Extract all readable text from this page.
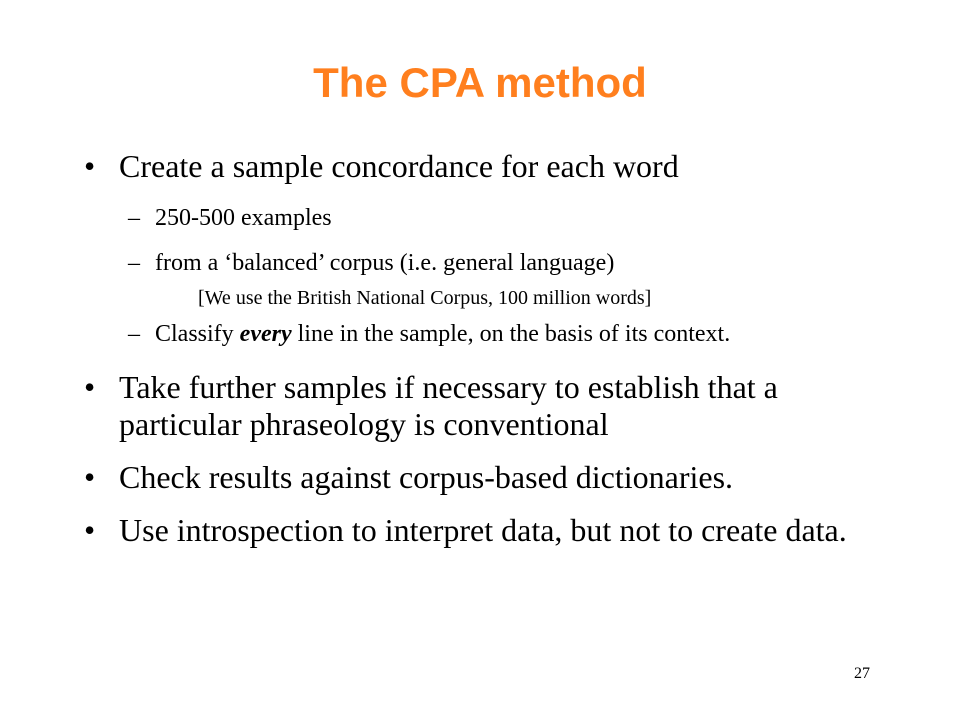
The CPA method
• Create a sample concordance for each word
– 250-500 examples
– from a ‘balanced’ corpus (i.e. general language)
[We use the British National Corpus, 100 million words]
– Classify every line in the sample, on the basis of its context.
• Take further samples if necessary to establish that a particular phraseology is conventional
• Check results against corpus-based dictionaries.
• Use introspection to interpret data, but not to create data.
27
